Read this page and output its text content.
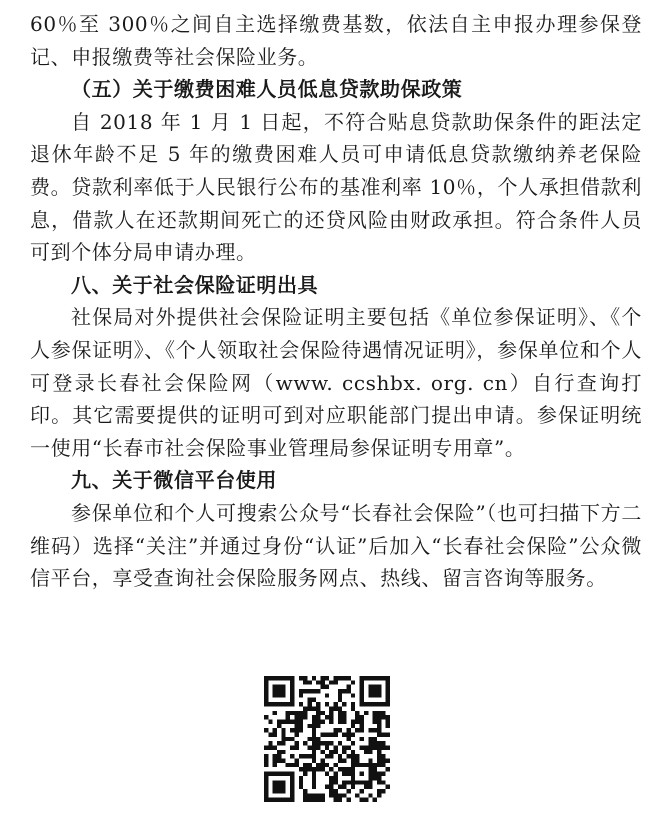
60％至 300％之间自主选择缴费基数，依法自主申报办理参保登记、申报缴费等社会保险业务。

（五）关于缴费困难人员低息贷款助保政策

自 2018 年 1 月 1 日起，不符合贴息贷款助保条件的距法定退休年龄不足 5 年的缴费困难人员可申请低息贷款缴纳养老保险费。贷款利率低于人民银行公布的基准利率 10％，个人承担借款利息，借款人在还款期间死亡的还贷风险由财政承担。符合条件人员可到个体分局申请办理。

八、关于社会保险证明出具

社保局对外提供社会保险证明主要包括《单位参保证明》、《个人参保证明》、《个人领取社会保险待遇情况证明》，参保单位和个人可登录长春社会保险网（www. ccshbx. org. cn）自行查询打印。其它需要提供的证明可到对应职能部门提出申请。参保证明统一使用“长春市社会保险事业管理局参保证明专用章”。

九、关于微信平台使用

参保单位和个人可搜索公众号“长春社会保险”（也可扫描下方二维码）选择“关注”并通过身份“认证”后加入“长春社会保险”公众微信平台，享受查询社会保险服务网点、热线、留言咨询等服务。
